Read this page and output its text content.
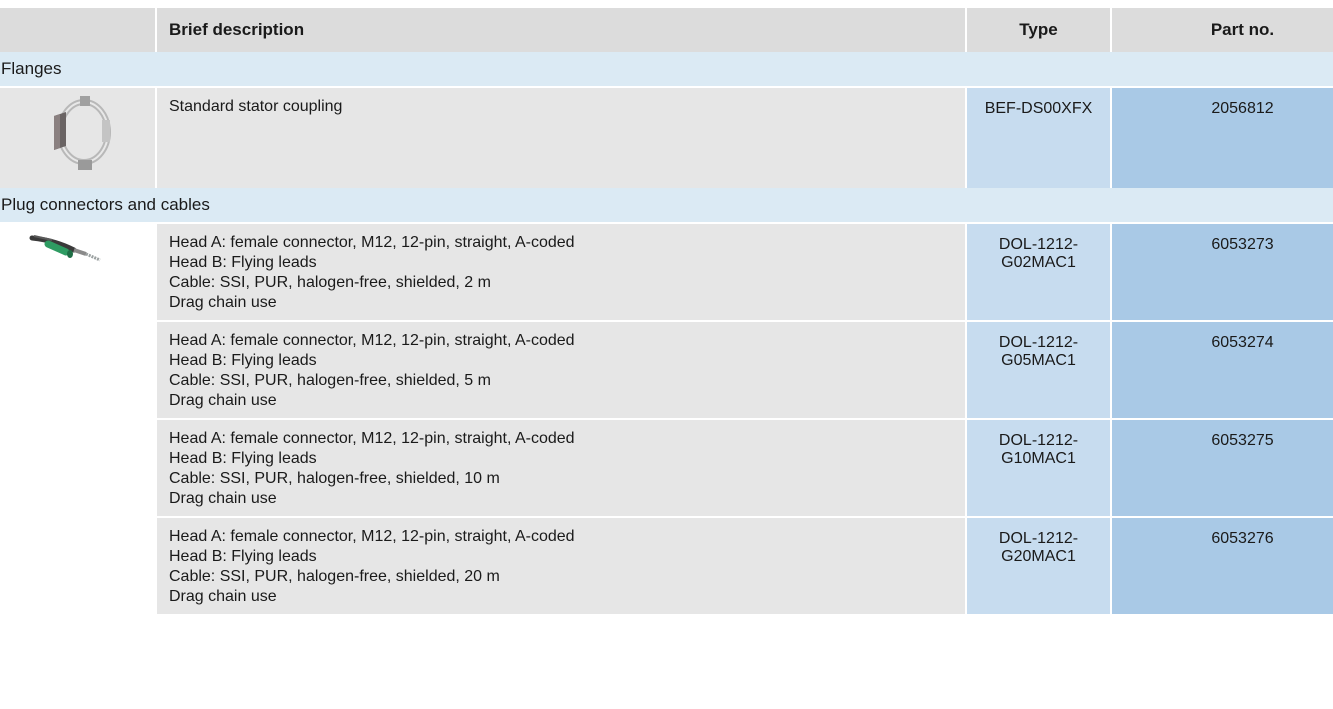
	Brief description	Type	Part no.
Flanges			

Standard stator coupling	BEF-DS00XFX	2056812
Plug connectors and cables			

Head A: female connector, M12, 12-pin, straight, A-coded
Head B: Flying leads
Cable: SSI, PUR, halogen-free, shielded, 2 m
Drag chain use	DOL-1212-G02MAC1	6053273

	Head A: female connector, M12, 12-pin, straight, A-coded
Head B: Flying leads
Cable: SSI, PUR, halogen-free, shielded, 5 m
Drag chain use	DOL-1212-G05MAC1	6053274

	Head A: female connector, M12, 12-pin, straight, A-coded
Head B: Flying leads
Cable: SSI, PUR, halogen-free, shielded, 10 m
Drag chain use	DOL-1212-G10MAC1	6053275

	Head A: female connector, M12, 12-pin, straight, A-coded
Head B: Flying leads
Cable: SSI, PUR, halogen-free, shielded, 20 m
Drag chain use	DOL-1212-G20MAC1	6053276
